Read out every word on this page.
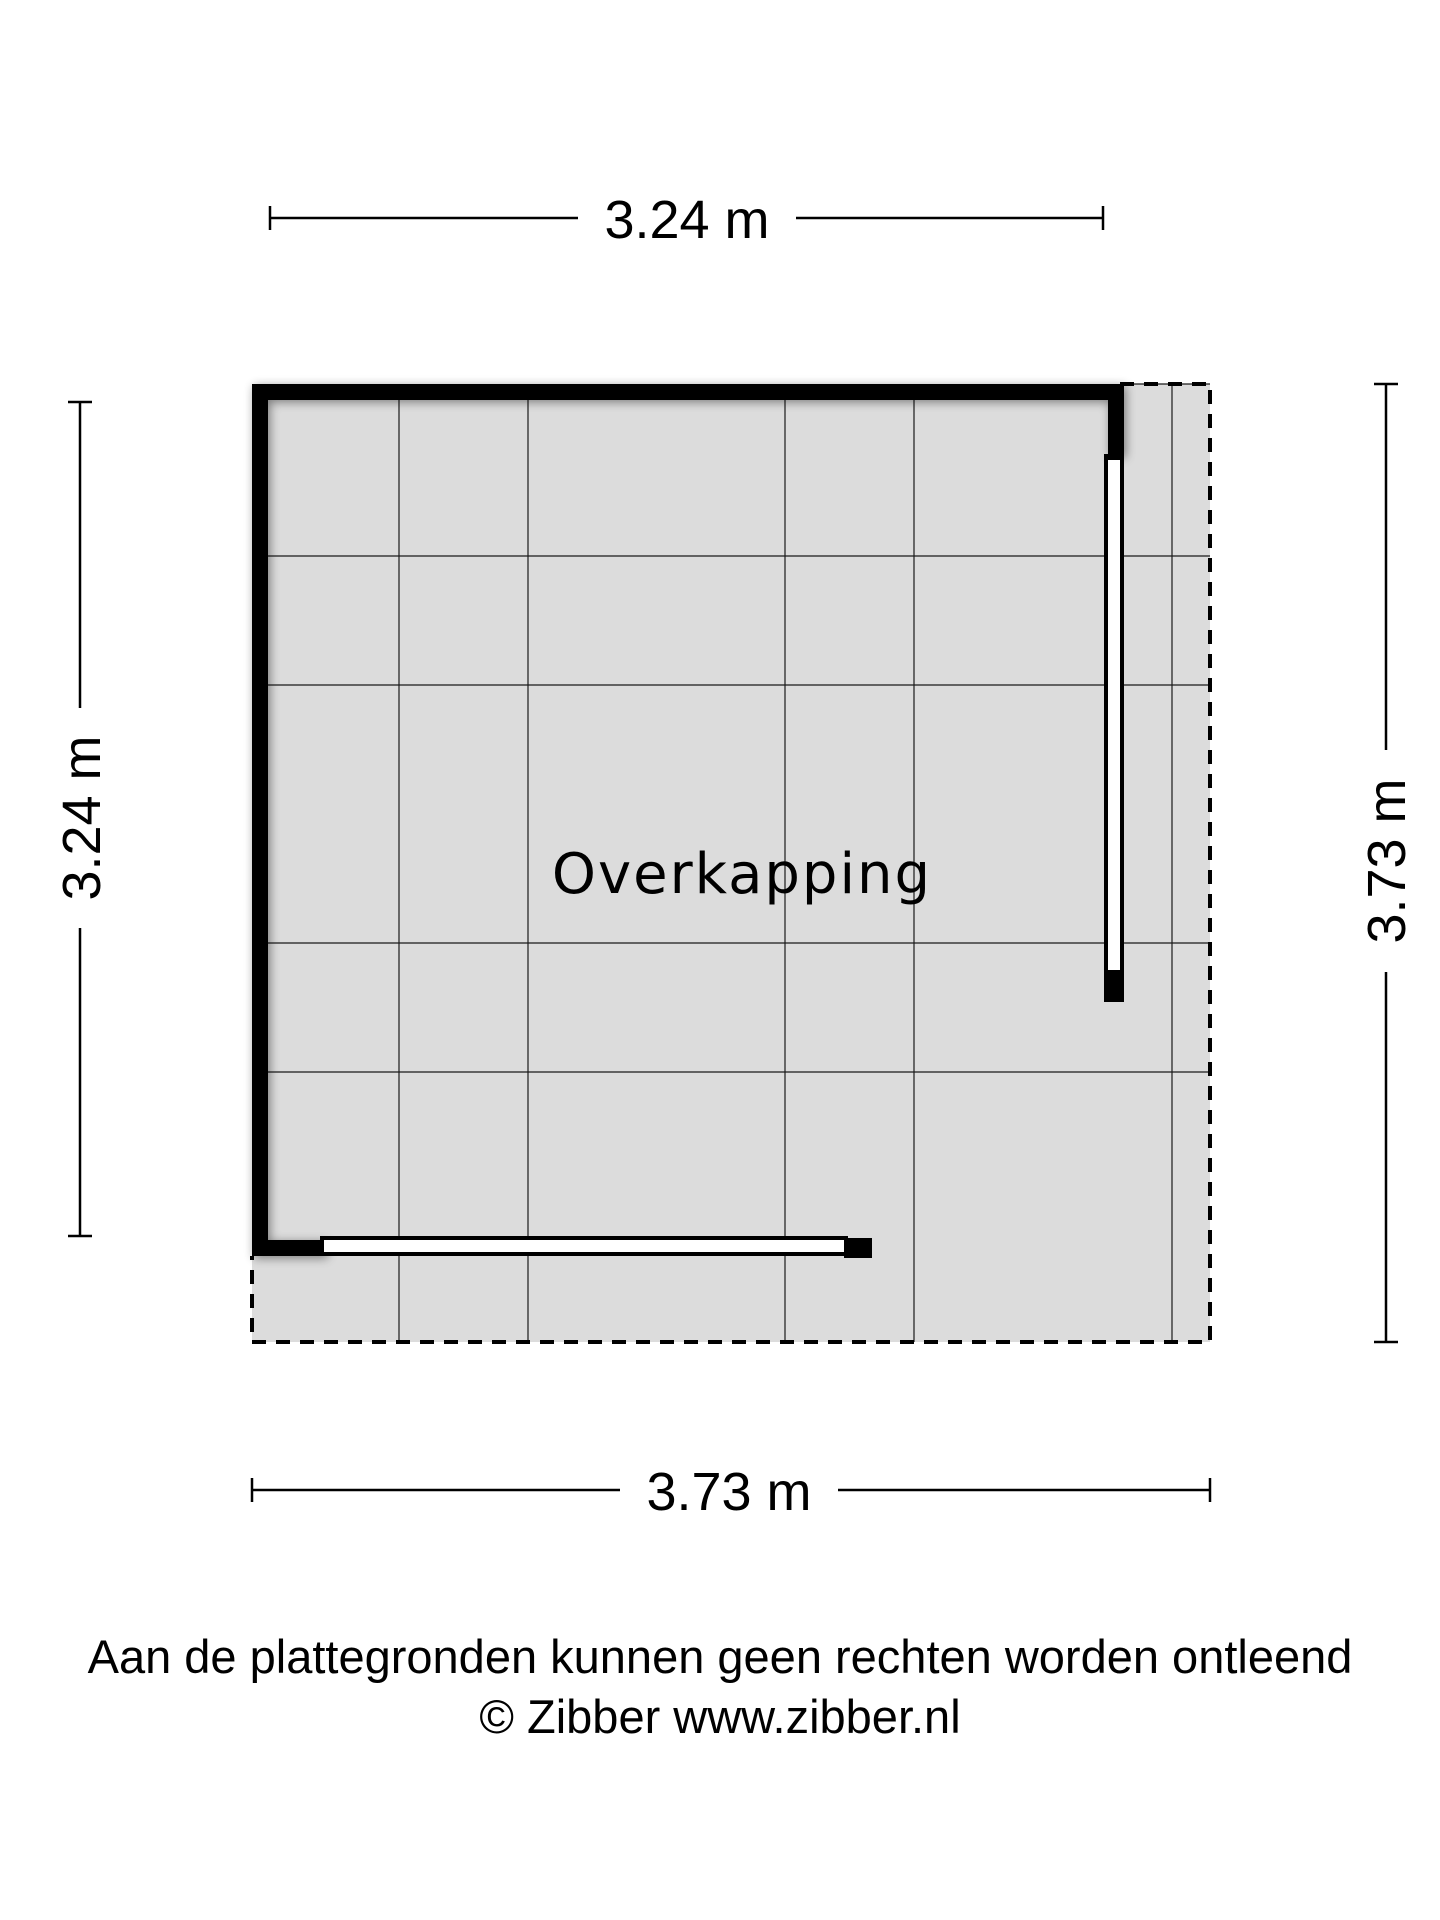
Overkapping
3.24 m
3.73 m
3.24 m	3.73 m
Aan de plattegronden kunnen geen rechten worden ontleend
© Zibber www.zibber.nl
